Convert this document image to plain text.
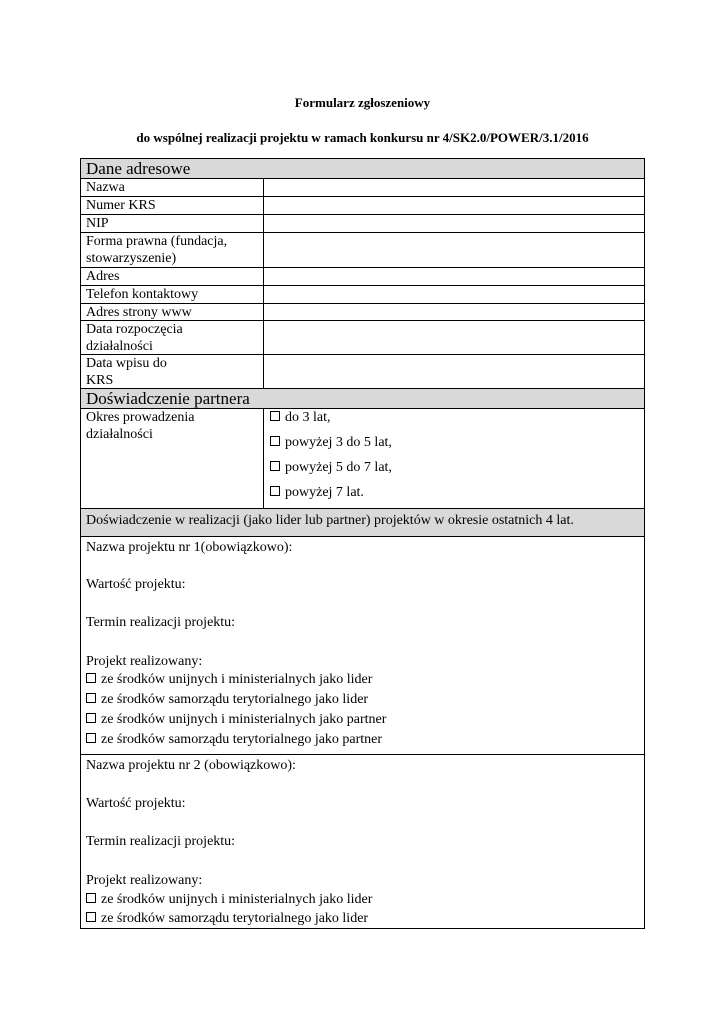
Formularz zgłoszeniowy
do wspólnej realizacji projektu w ramach konkursu nr 4/SK2.0/POWER/3.1/2016
Dane adresowe
Nazwa
Numer KRS
NIP
Forma prawna (fundacja,
stowarzyszenie)
Adres
Telefon kontaktowy
Adres strony www
Data rozpoczęcia
działalności
Data wpisu do
KRS
Doświadczenie partnera
Okres prowadzenia
działalności
do 3 lat,
powyżej 3 do 5 lat,
powyżej 5 do 7 lat,
powyżej 7 lat.
Doświadczenie w realizacji (jako lider lub partner) projektów w okresie ostatnich 4 lat.
Nazwa projektu nr 1(obowiązkowo):
Wartość projektu:
Termin realizacji projektu:
Projekt realizowany:
ze środków unijnych i ministerialnych jako lider
ze środków samorządu terytorialnego jako lider
ze środków unijnych i ministerialnych jako partner
ze środków samorządu terytorialnego jako partner
Nazwa projektu nr 2 (obowiązkowo):
Wartość projektu:
Termin realizacji projektu:
Projekt realizowany:
ze środków unijnych i ministerialnych jako lider
ze środków samorządu terytorialnego jako lider
